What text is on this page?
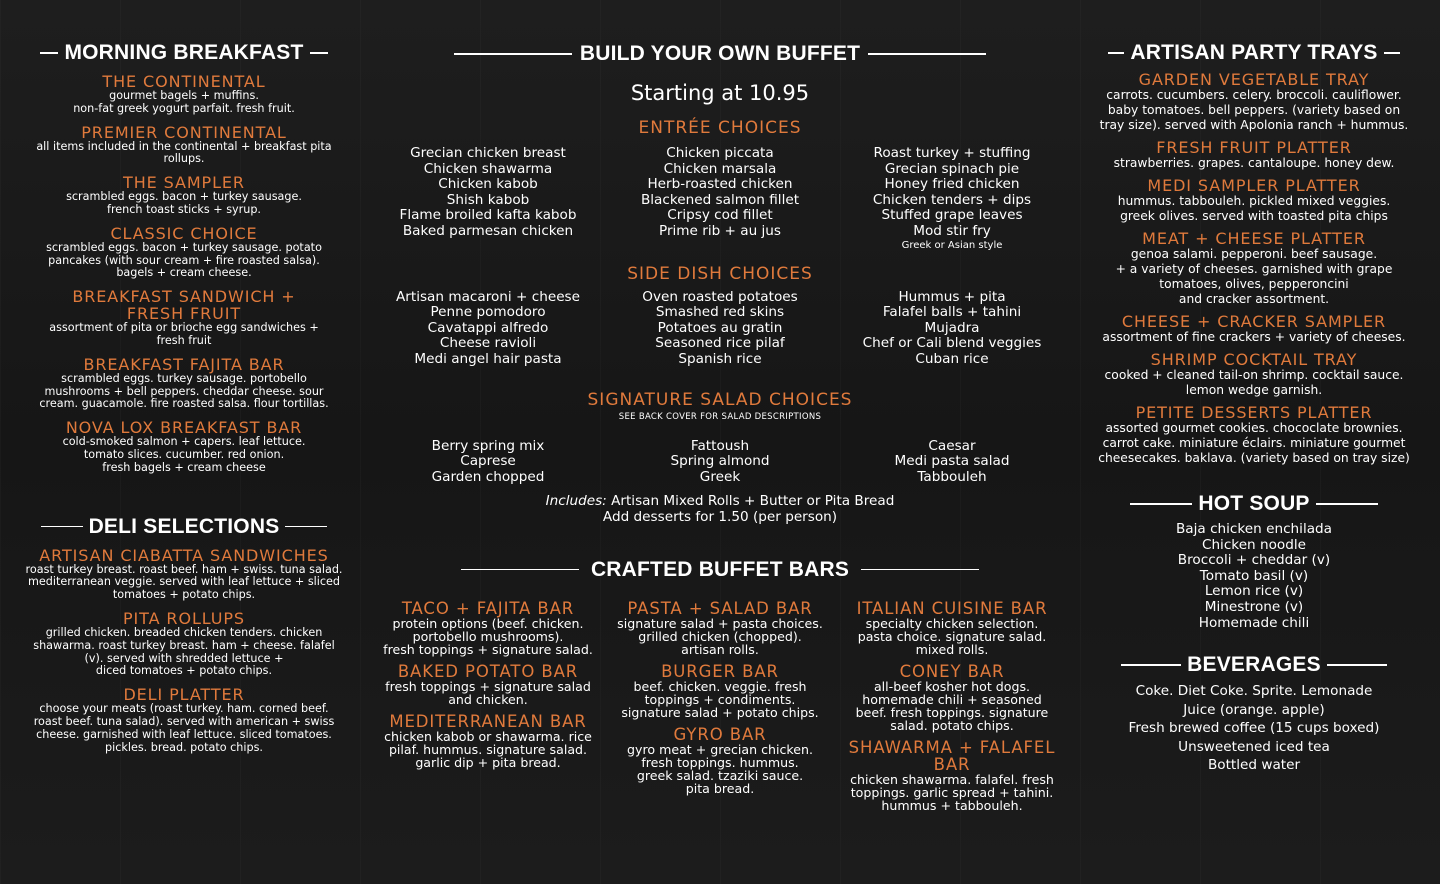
MORNING BREAKFAST
THE CONTINENTAL

gourmet bagels + muffins.
non-fat greek yogurt parfait. fresh fruit.

PREMIER CONTINENTAL

all items included in the continental + breakfast pita
rollups.

THE SAMPLER

scrambled eggs. bacon + turkey sausage.
french toast sticks + syrup.

CLASSIC CHOICE

scrambled eggs. bacon + turkey sausage. potato
pancakes (with sour cream + fire roasted salsa).
bagels + cream cheese.

BREAKFAST SANDWICH +
FRESH FRUIT

assortment of pita or brioche egg sandwiches +
fresh fruit

BREAKFAST FAJITA BAR

scrambled eggs. turkey sausage. portobello
mushrooms + bell peppers. cheddar cheese. sour
cream. guacamole. fire roasted salsa. flour tortillas.

NOVA LOX BREAKFAST BAR

cold-smoked salmon + capers. leaf lettuce.
tomato slices. cucumber. red onion.
fresh bagels + cream cheese

DELI SELECTIONS
ARTISAN CIABATTA SANDWICHES

roast turkey breast. roast beef. ham + swiss. tuna salad.
mediterranean veggie. served with leaf lettuce + sliced
tomatoes + potato chips.

PITA ROLLUPS

grilled chicken. breaded chicken tenders. chicken
shawarma. roast turkey breast. ham + cheese. falafel
(v). served with shredded lettuce +
diced tomatoes + potato chips.

DELI PLATTER

choose your meats (roast turkey. ham. corned beef.
roast beef. tuna salad). served with american + swiss
cheese. garnished with leaf lettuce. sliced tomatoes.
pickles. bread. potato chips.

BUILD YOUR OWN BUFFET
Starting at 10.95
ENTRÉE CHOICES
Grecian chicken breast
Chicken shawarma
Chicken kabob
Shish kabob
Flame broiled kafta kabob
Baked parmesan chicken
Chicken piccata
Chicken marsala
Herb-roasted chicken
Blackened salmon fillet
Cripsy cod fillet
Prime rib + au jus
Roast turkey + stuffing
Grecian spinach pie
Honey fried chicken
Chicken tenders + dips
Stuffed grape leaves
Mod stir fry
Greek or Asian style
SIDE DISH CHOICES
Artisan macaroni + cheese
Penne pomodoro
Cavatappi alfredo
Cheese ravioli
Medi angel hair pasta
Oven roasted potatoes
Smashed red skins
Potatoes au gratin
Seasoned rice pilaf
Spanish rice
Hummus + pita
Falafel balls + tahini
Mujadra
Chef or Cali blend veggies
Cuban rice
SIGNATURE SALAD CHOICES
SEE BACK COVER FOR SALAD DESCRIPTIONS
Berry spring mix
Caprese
Garden chopped
Fattoush
Spring almond
Greek
Caesar
Medi pasta salad
Tabbouleh
Includes: Artisan Mixed Rolls + Butter or Pita Bread
Add desserts for 1.50 (per person)
CRAFTED BUFFET BARS
TACO + FAJITA BAR

protein options (beef. chicken.
portobello mushrooms).
fresh toppings + signature salad.

BAKED POTATO BAR

fresh toppings + signature salad
and chicken.

MEDITERRANEAN BAR

chicken kabob or shawarma. rice
pilaf. hummus. signature salad.
garlic dip + pita bread.

PASTA + SALAD BAR

signature salad + pasta choices.
grilled chicken (chopped).
artisan rolls.

BURGER BAR

beef. chicken. veggie. fresh
toppings + condiments.
signature salad + potato chips.

GYRO BAR

gyro meat + grecian chicken.
fresh toppings. hummus.
greek salad. tzaziki sauce.
pita bread.

ITALIAN CUISINE BAR

specialty chicken selection.
pasta choice. signature salad.
mixed rolls.

CONEY BAR

all-beef kosher hot dogs.
homemade chili + seasoned
beef. fresh toppings. signature
salad. potato chips.

SHAWARMA + FALAFEL BAR

chicken shawarma. falafel. fresh
toppings. garlic spread + tahini.
hummus + tabbouleh.

ARTISAN PARTY TRAYS
GARDEN VEGETABLE TRAY

carrots. cucumbers. celery. broccoli. cauliflower.
baby tomatoes. bell peppers. (variety based on
tray size). served with Apolonia ranch + hummus.

FRESH FRUIT PLATTER

strawberries. grapes. cantaloupe. honey dew.

MEDI SAMPLER PLATTER

hummus. tabbouleh. pickled mixed veggies.
greek olives. served with toasted pita chips

MEAT + CHEESE PLATTER

genoa salami. pepperoni. beef sausage.
+ a variety of cheeses. garnished with grape
tomatoes, olives, pepperoncini
and cracker assortment.

CHEESE + CRACKER SAMPLER

assortment of fine crackers + variety of cheeses.

SHRIMP COCKTAIL TRAY

cooked + cleaned tail-on shrimp. cocktail sauce.
lemon wedge garnish.

PETITE DESSERTS PLATTER

assorted gourmet cookies. chococlate brownies.
carrot cake. miniature éclairs. miniature gourmet
cheesecakes. baklava. (variety based on tray size)

HOT SOUP
Baja chicken enchilada
Chicken noodle
Broccoli + cheddar (v)
Tomato basil (v)
Lemon rice (v)
Minestrone (v)
Homemade chili
BEVERAGES
Coke. Diet Coke. Sprite. Lemonade
Juice (orange. apple)
Fresh brewed coffee (15 cups boxed)
Unsweetened iced tea
Bottled water
